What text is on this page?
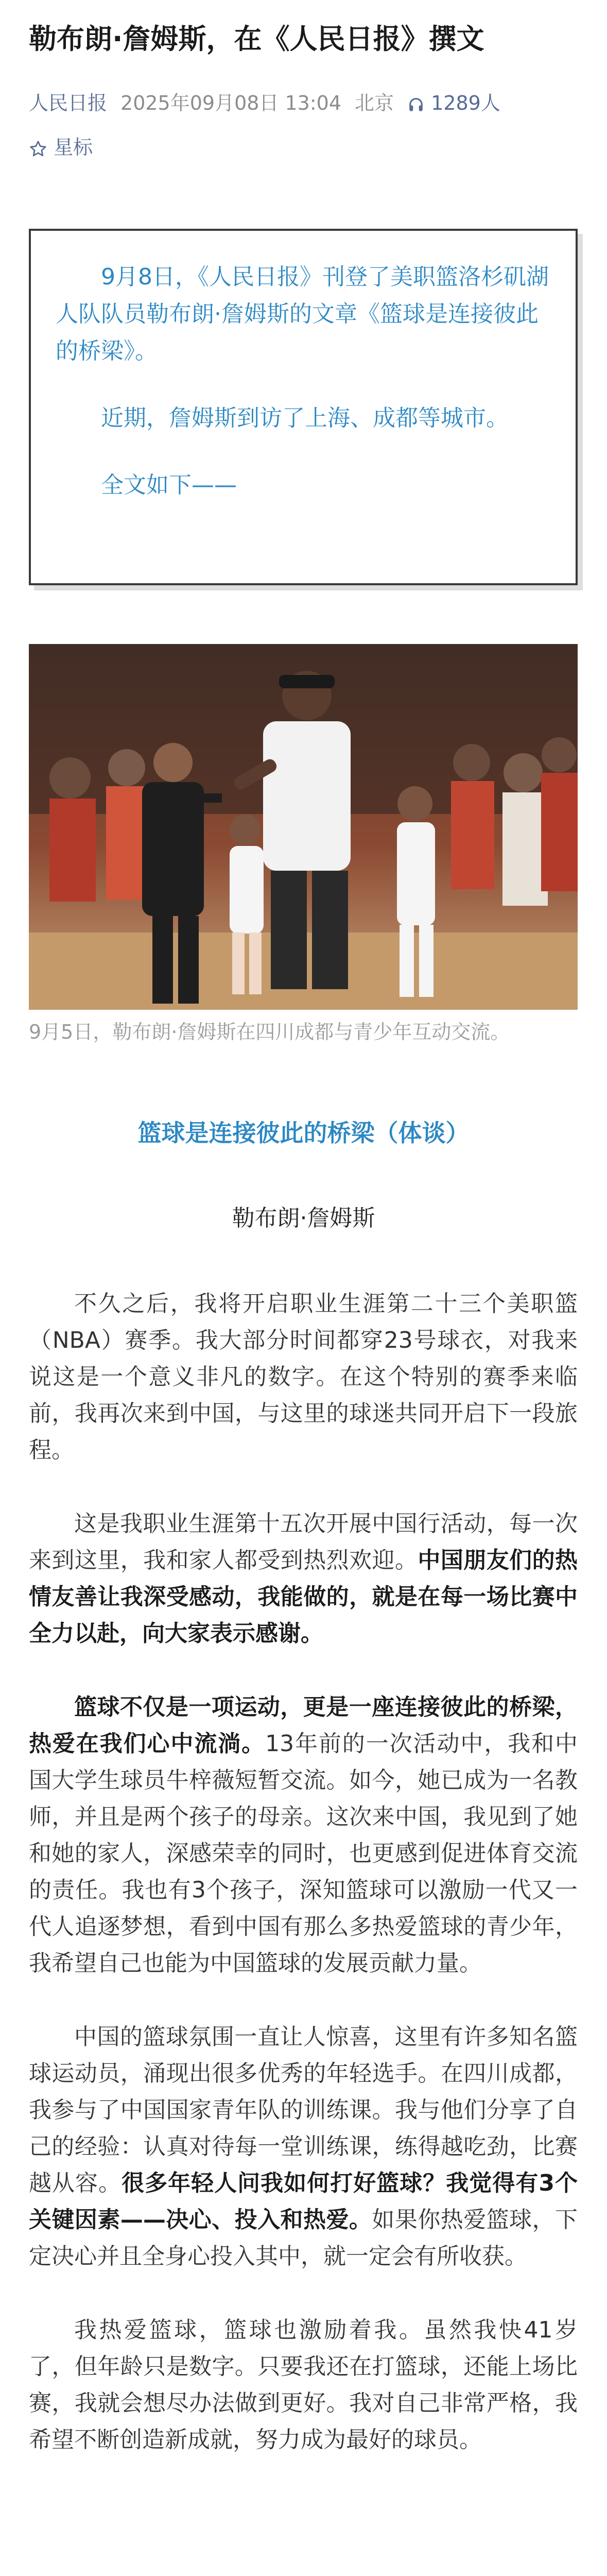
勒布朗·詹姆斯，在《人民日报》撰文
人民日报 2025年09月08日 13:04 北京 1289人
星标

9月8日，《人民日报》刊登了美职篮洛杉矶湖人队队员勒布朗·詹姆斯的文章《篮球是连接彼此的桥梁》。

近期，詹姆斯到访了上海、成都等城市。

全文如下——

9月5日，勒布朗·詹姆斯在四川成都与青少年互动交流。
篮球是连接彼此的桥梁（体谈）
勒布朗·詹姆斯

不久之后，我将开启职业生涯第二十三个美职篮（NBA）赛季。我大部分时间都穿23号球衣，对我来说这是一个意义非凡的数字。在这个特别的赛季来临前，我再次来到中国，与这里的球迷共同开启下一段旅程。

这是我职业生涯第十五次开展中国行活动，每一次来到这里，我和家人都受到热烈欢迎。中国朋友们的热情友善让我深受感动，我能做的，就是在每一场比赛中全力以赴，向大家表示感谢。

篮球不仅是一项运动，更是一座连接彼此的桥梁，热爱在我们心中流淌。13年前的一次活动中，我和中国大学生球员牛梓薇短暂交流。如今，她已成为一名教师，并且是两个孩子的母亲。这次来中国，我见到了她和她的家人，深感荣幸的同时，也更感到促进体育交流的责任。我也有3个孩子，深知篮球可以激励一代又一代人追逐梦想，看到中国有那么多热爱篮球的青少年，我希望自己也能为中国篮球的发展贡献力量。

中国的篮球氛围一直让人惊喜，这里有许多知名篮球运动员，涌现出很多优秀的年轻选手。在四川成都，我参与了中国国家青年队的训练课。我与他们分享了自己的经验：认真对待每一堂训练课，练得越吃劲，比赛越从容。很多年轻人问我如何打好篮球？我觉得有3个关键因素——决心、投入和热爱。如果你热爱篮球，下定决心并且全身心投入其中，就一定会有所收获。

我热爱篮球，篮球也激励着我。虽然我快41岁了，但年龄只是数字。只要我还在打篮球，还能上场比赛，我就会想尽办法做到更好。我对自己非常严格，我希望不断创造新成就，努力成为最好的球员。
